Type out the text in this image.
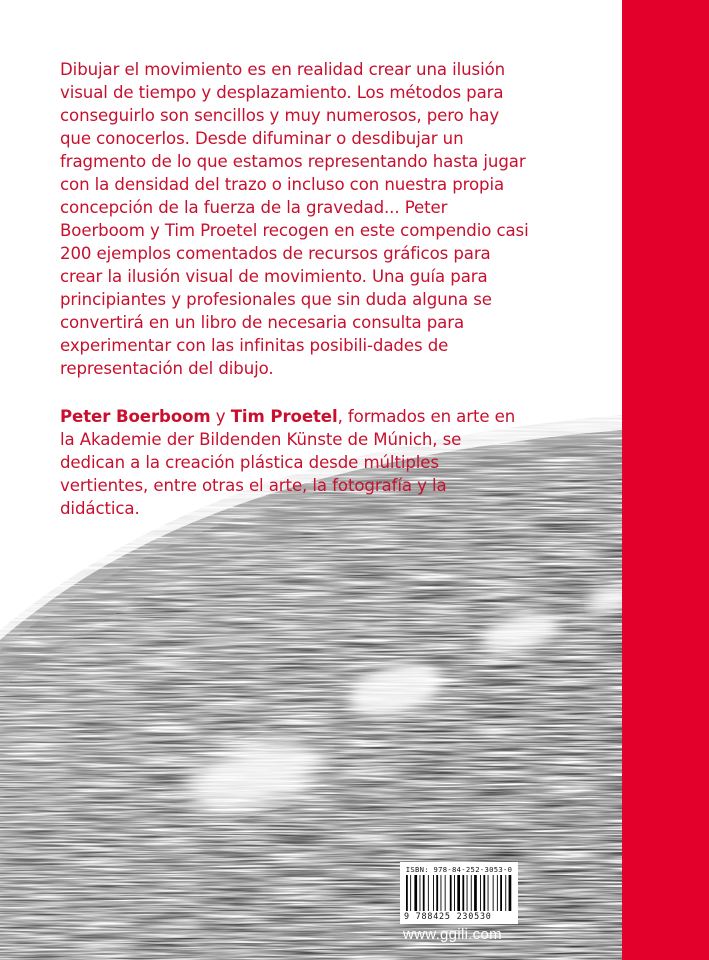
Dibujar el movimiento es en realidad crear una ilusión visual de tiempo y desplazamiento. Los métodos para conseguirlo son sencillos y muy numerosos, pero hay que conocerlos. Desde difuminar o desdibujar un fragmento de lo que estamos representando hasta jugar con la densidad del trazo o incluso con nuestra propia concepción de la fuerza de la gravedad... Peter Boerboom y Tim Proetel recogen en este compendio casi 200 ejemplos comentados de recursos gráficos para crear la ilusión visual de movimiento. Una guía para principiantes y profesionales que sin duda alguna se convertirá en un libro de necesaria consulta para experimentar con las infinitas posibili-dades de representación del dibujo.

Peter Boerboom y Tim Proetel, formados en arte en la Akademie der Bildenden Künste de Múnich, se dedican a la creación plástica desde múltiples vertientes, entre otras el arte, la fotografía y la didáctica.

ISBN: 978-84-252-3053-0
9 788425 230530
www.ggili.com
